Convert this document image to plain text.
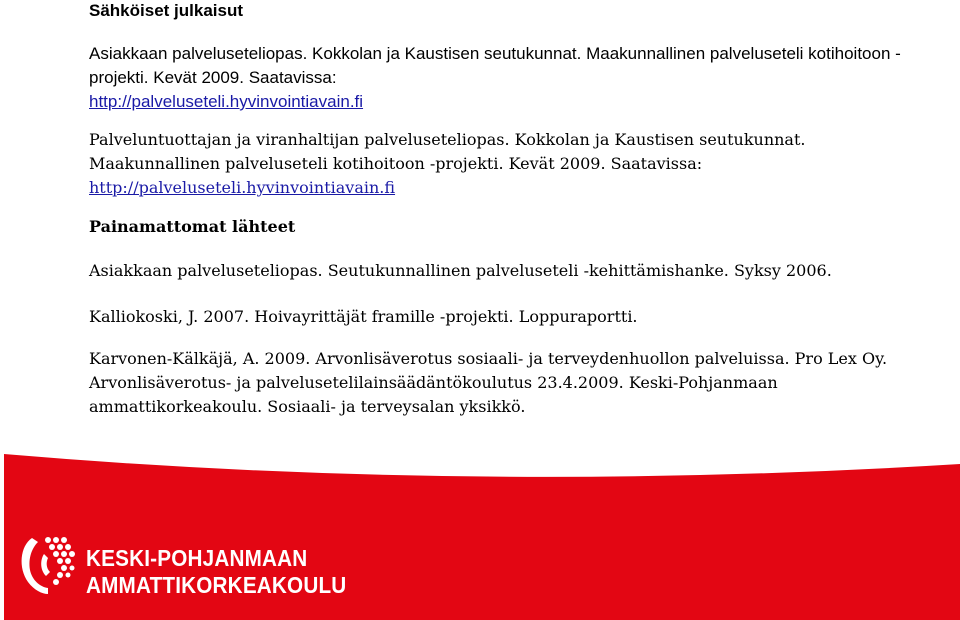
Sähköiset julkaisut

Asiakkaan palveluseteliopas. Kokkolan ja Kaustisen seutukunnat. Maakunnallinen palveluseteli kotihoitoon -projekti. Kevät 2009. Saatavissa:
http://palveluseteli.hyvinvointiavain.fi

Palveluntuottajan ja viranhaltijan palveluseteliopas. Kokkolan ja Kaustisen seutukunnat. Maakunnallinen palveluseteli kotihoitoon -projekti. Kevät 2009. Saatavissa:
http://palveluseteli.hyvinvointiavain.fi

Painamattomat lähteet

Asiakkaan palveluseteliopas. Seutukunnallinen palveluseteli -kehittämishanke. Syksy 2006.

Kalliokoski, J. 2007. Hoivayrittäjät framille -projekti. Loppuraportti.

Karvonen-Kälkäjä, A. 2009. Arvonlisäverotus sosiaali- ja terveydenhuollon palveluissa. Pro Lex Oy. Arvonlisäverotus- ja palvelusetelilainsäädäntökoulutus 23.4.2009. Keski-Pohjanmaan ammattikorkeakoulu. Sosiaali- ja terveysalan yksikkö.

KESKI-POHJANMAAN
AMMATTIKORKEAKOULU
